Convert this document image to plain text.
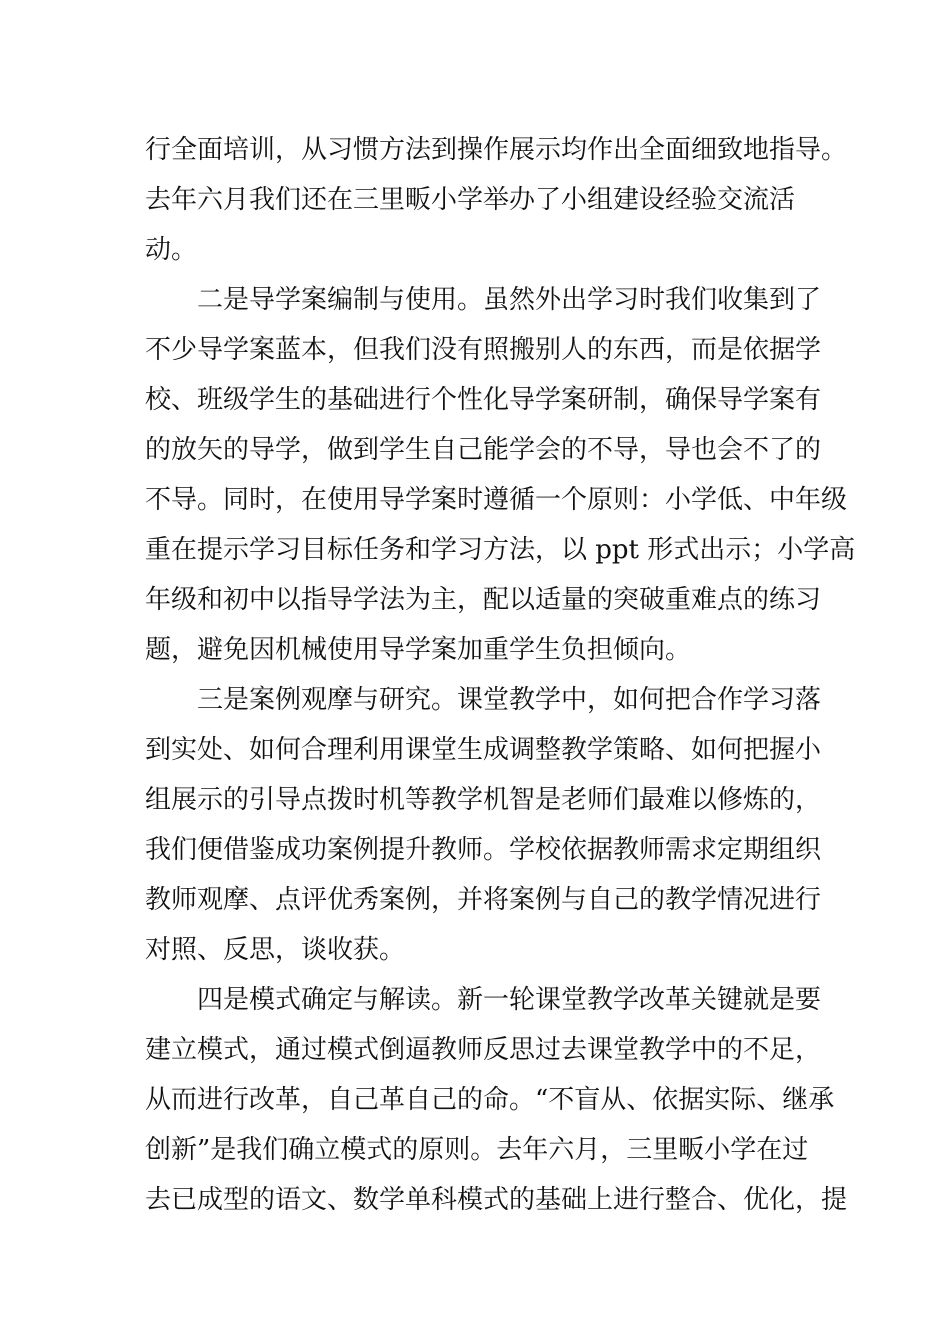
行全面培训，从习惯方法到操作展示均作出全面细致地指导。
去年六月我们还在三里畈小学举办了小组建设经验交流活
动。
二是导学案编制与使用。虽然外出学习时我们收集到了
不少导学案蓝本，但我们没有照搬别人的东西，而是依据学
校、班级学生的基础进行个性化导学案研制，确保导学案有
的放矢的导学，做到学生自己能学会的不导，导也会不了的
不导。同时，在使用导学案时遵循一个原则：小学低、中年级
重在提示学习目标任务和学习方法，以 ppt 形式出示；小学高
年级和初中以指导学法为主，配以适量的突破重难点的练习
题，避免因机械使用导学案加重学生负担倾向。
三是案例观摩与研究。课堂教学中，如何把合作学习落
到实处、如何合理利用课堂生成调整教学策略、如何把握小
组展示的引导点拨时机等教学机智是老师们最难以修炼的，
我们便借鉴成功案例提升教师。学校依据教师需求定期组织
教师观摩、点评优秀案例，并将案例与自己的教学情况进行
对照、反思，谈收获。
四是模式确定与解读。新一轮课堂教学改革关键就是要
建立模式，通过模式倒逼教师反思过去课堂教学中的不足，
从而进行改革，自己革自己的命。“不盲从、依据实际、继承
创新”是我们确立模式的原则。去年六月，三里畈小学在过
去已成型的语文、数学单科模式的基础上进行整合、优化，提
